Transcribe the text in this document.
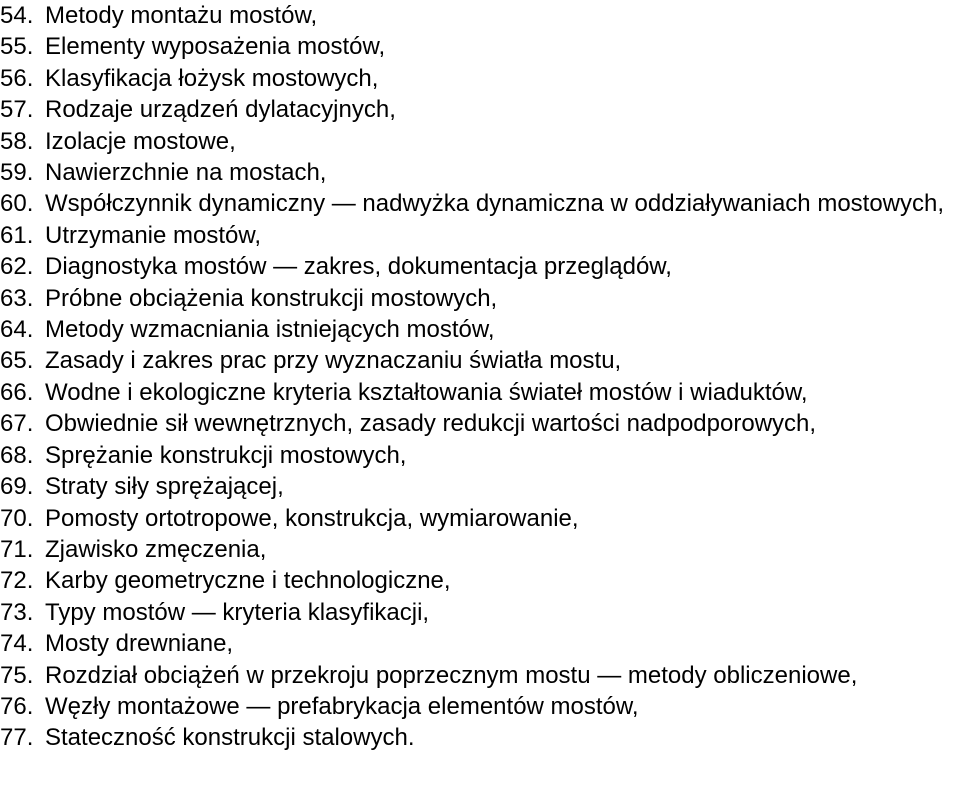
54. Metody montażu mostów,
55. Elementy wyposażenia mostów,
56. Klasyfikacja łożysk mostowych,
57. Rodzaje urządzeń dylatacyjnych,
58. Izolacje mostowe,
59. Nawierzchnie na mostach,
60. Współczynnik dynamiczny — nadwyżka dynamiczna w oddziaływaniach mostowych,
61. Utrzymanie mostów,
62. Diagnostyka mostów — zakres, dokumentacja przeglądów,
63. Próbne obciążenia konstrukcji mostowych,
64. Metody wzmacniania istniejących mostów,
65. Zasady i zakres prac przy wyznaczaniu światła mostu,
66. Wodne i ekologiczne kryteria kształtowania świateł mostów i wiaduktów,
67. Obwiednie sił wewnętrznych, zasady redukcji wartości nadpodporowych,
68. Sprężanie konstrukcji mostowych,
69. Straty siły sprężającej,
70. Pomosty ortotropowe, konstrukcja, wymiarowanie,
71. Zjawisko zmęczenia,
72. Karby geometryczne i technologiczne,
73. Typy mostów — kryteria klasyfikacji,
74. Mosty drewniane,
75. Rozdział obciążeń w przekroju poprzecznym mostu — metody obliczeniowe,
76. Węzły montażowe — prefabrykacja elementów mostów,
77. Stateczność konstrukcji stalowych.
